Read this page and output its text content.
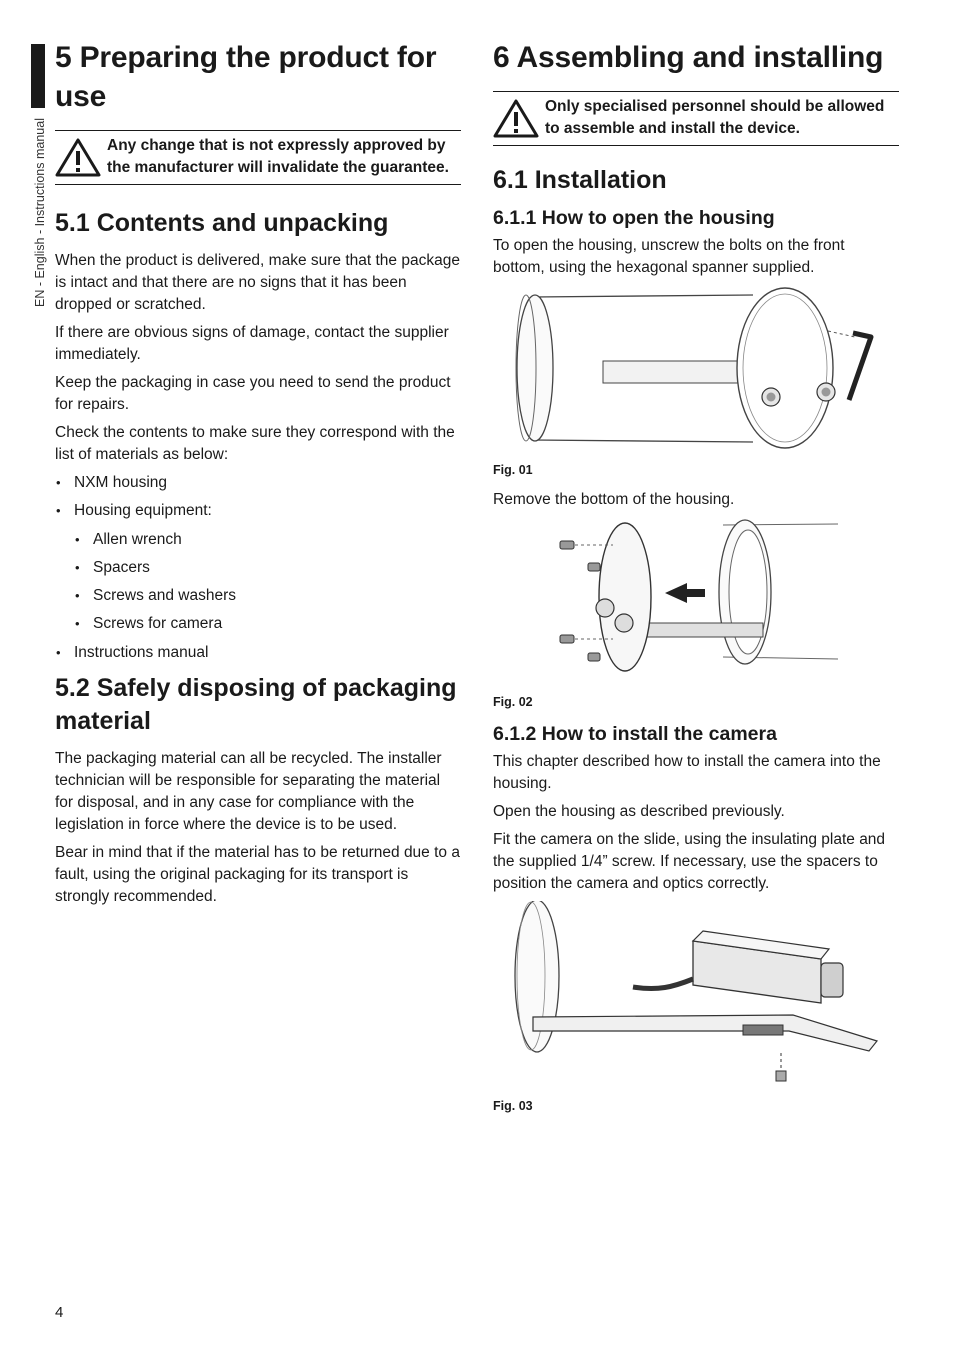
EN - English - Instructions manual
5 Preparing the product for use
Any change that is not expressly approved by the manufacturer will invalidate the guarantee.
5.1 Contents and unpacking

When the product is delivered, make sure that the package is intact and that there are no signs that it has been dropped or scratched.

If there are obvious signs of damage, contact the supplier immediately.

Keep the packaging in case you need to send the product for repairs.

Check the contents to make sure they correspond with the list of materials as below:

• NXM housing
• Housing equipment:
• Allen wrench
• Spacers
• Screws and washers
• Screws for camera
• Instructions manual
5.2 Safely disposing of packaging material

The packaging material can all be recycled. The installer technician will be responsible for separating the material for disposal, and in any case for compliance with the legislation in force where the device is to be used.

Bear in mind that if the material has to be returned due to a fault, using the original packaging for its transport is strongly recommended.

6 Assembling and installing
Only specialised personnel should be allowed to assemble and install the device.
6.1 Installation
6.1.1 How to open the housing

To open the housing, unscrew the bolts on the front bottom, using the hexagonal spanner supplied.

Fig. 01

Remove the bottom of the housing.

Fig. 02
6.1.2 How to install the camera

This chapter described how to install the camera into the housing.

Open the housing as described previously.

Fit the camera on the slide, using the insulating plate and the supplied 1/4” screw. If necessary, use the spacers to position the camera and optics correctly.

Fig. 03
4
